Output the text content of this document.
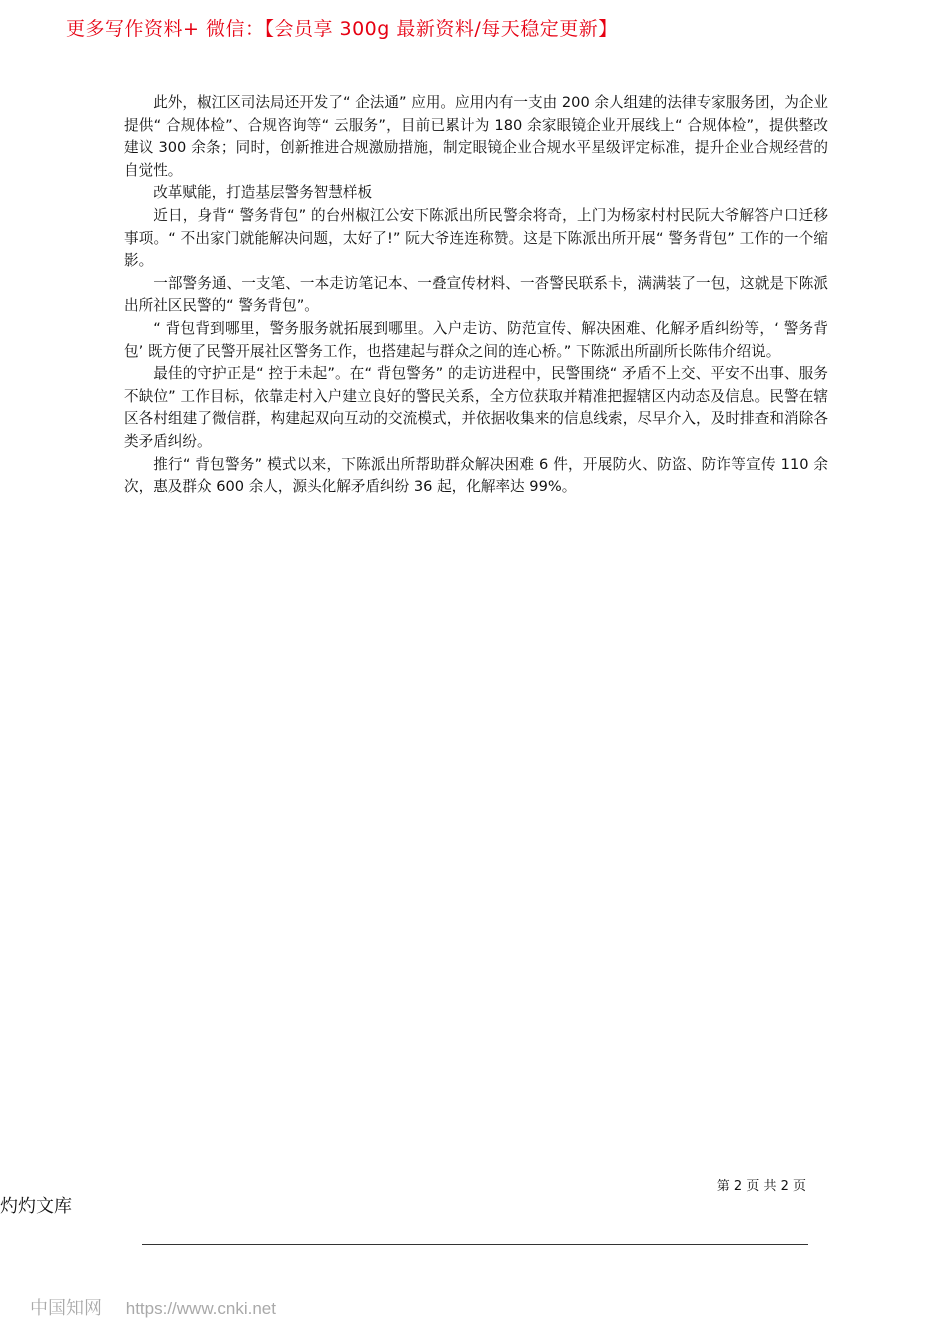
更多写作资料+ 微信：【会员享 300g 最新资料/每天稳定更新】

此外，椒江区司法局还开发了“ 企法通” 应用。应用内有一支由 200 余人组建的法律专家服务团，为企业提供“ 合规体检”、合规咨询等“ 云服务”，目前已累计为 180 余家眼镜企业开展线上“ 合规体检”，提供整改建议 300 余条；同时，创新推进合规激励措施，制定眼镜企业合规水平星级评定标准，提升企业合规经营的自觉性。

改革赋能，打造基层警务智慧样板

近日，身背“ 警务背包” 的台州椒江公安下陈派出所民警余将奇，上门为杨家村村民阮大爷解答户口迁移事项。“ 不出家门就能解决问题，太好了!” 阮大爷连连称赞。这是下陈派出所开展“ 警务背包” 工作的一个缩影。

一部警务通、一支笔、一本走访笔记本、一叠宣传材料、一沓警民联系卡，满满装了一包，这就是下陈派出所社区民警的“ 警务背包”。

“ 背包背到哪里，警务服务就拓展到哪里。入户走访、防范宣传、解决困难、化解矛盾纠纷等，‘ 警务背包’ 既方便了民警开展社区警务工作，也搭建起与群众之间的连心桥。” 下陈派出所副所长陈伟介绍说。

最佳的守护正是“ 控于未起”。在“ 背包警务” 的走访进程中，民警围绕“ 矛盾不上交、平安不出事、服务不缺位” 工作目标，依靠走村入户建立良好的警民关系，全方位获取并精准把握辖区内动态及信息。民警在辖区各村组建了微信群，构建起双向互动的交流模式，并依据收集来的信息线索，尽早介入，及时排查和消除各类矛盾纠纷。

推行“ 背包警务” 模式以来，下陈派出所帮助群众解决困难 6 件，开展防火、防盗、防诈等宣传 110 余次，惠及群众 600 余人，源头化解矛盾纠纷 36 起，化解率达 99%。

第 2 页 共 2 页
灼灼文库
中国知网 https://www.cnki.net
